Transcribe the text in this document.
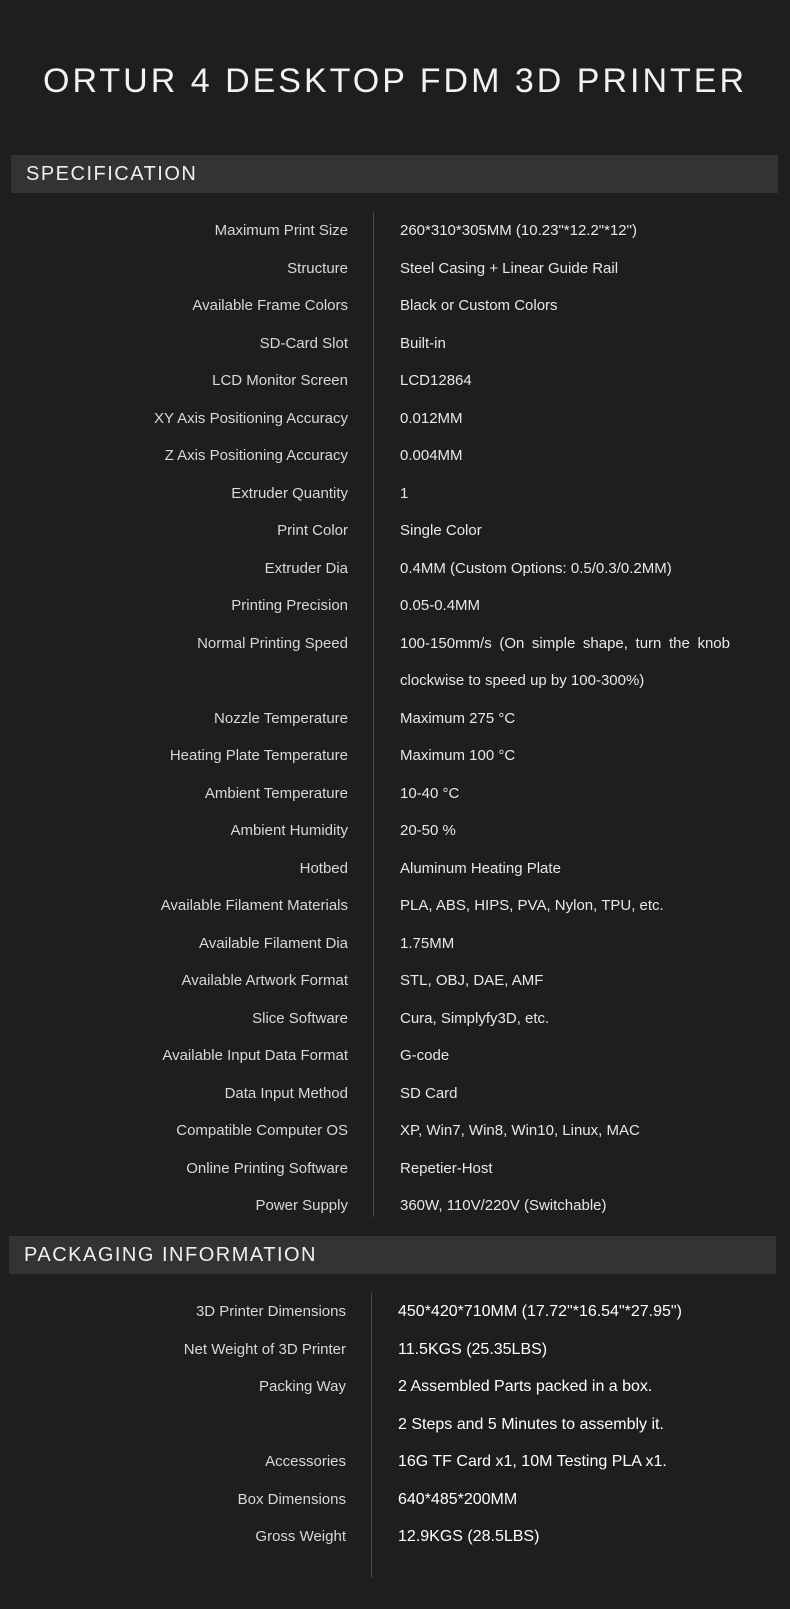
ORTUR 4 DESKTOP FDM 3D PRINTER
SPECIFICATION
Maximum Print Size	260*310*305MM (10.23"*12.2"*12")
Structure	Steel Casing + Linear Guide Rail
Available Frame Colors	Black or Custom Colors
SD-Card Slot	Built-in
LCD Monitor Screen	LCD12864
XY Axis Positioning Accuracy	0.012MM
Z Axis Positioning Accuracy	0.004MM
Extruder Quantity	1
Print Color	Single Color
Extruder Dia	0.4MM (Custom Options: 0.5/0.3/0.2MM)
Printing Precision	0.05-0.4MM
Normal Printing Speed	100-150mm/s (On simple shape, turn the knob clockwise to speed up by 100-300%)
Nozzle Temperature	Maximum 275 °C
Heating Plate Temperature	Maximum 100 °C
Ambient Temperature	10-40 °C
Ambient Humidity	20-50 %
Hotbed	Aluminum Heating Plate
Available Filament Materials	PLA, ABS, HIPS, PVA, Nylon, TPU, etc.
Available Filament Dia	1.75MM
Available Artwork Format	STL, OBJ, DAE, AMF
Slice Software	Cura, Simplyfy3D, etc.
Available Input Data Format	G-code
Data Input Method	SD Card
Compatible Computer OS	XP, Win7, Win8, Win10, Linux, MAC
Online Printing Software	Repetier-Host
Power Supply	360W, 110V/220V (Switchable)
PACKAGING INFORMATION
3D Printer Dimensions	450*420*710MM (17.72"*16.54"*27.95")
Net Weight of 3D Printer	11.5KGS (25.35LBS)
Packing Way	2 Assembled Parts packed in a box.
2 Steps and 5 Minutes to assembly it.
Accessories	16G TF Card x1, 10M Testing PLA x1.
Box Dimensions	640*485*200MM
Gross Weight	12.9KGS (28.5LBS)
